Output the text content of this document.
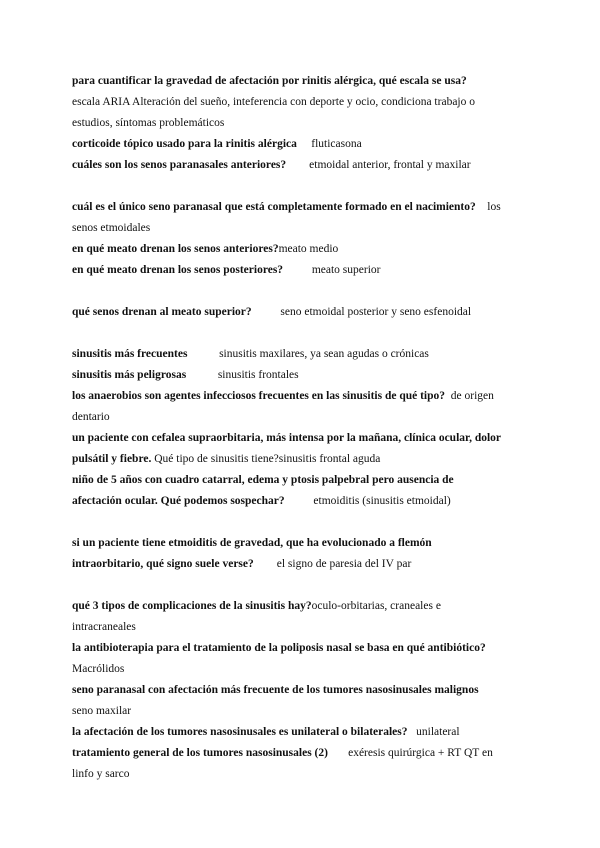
para cuantificar la gravedad de afectación por rinitis alérgica, qué escala se usa?
escala ARIA Alteración del sueño, inteferencia con deporte y ocio, condiciona trabajo o
estudios, síntomas problemáticos
corticoide tópico usado para la rinitis alérgica fluticasona
cuáles son los senos paranasales anteriores? etmoidal anterior, frontal y maxilar
cuál es el único seno paranasal que está completamente formado en el nacimiento? los
senos etmoidales
en qué meato drenan los senos anteriores?meato medio
en qué meato drenan los senos posteriores?	meato superior
qué senos drenan al meato superior?	seno etmoidal posterior y seno esfenoidal
sinusitis más frecuentes	sinusitis maxilares, ya sean agudas o crónicas
sinusitis más peligrosas	sinusitis frontales
los anaerobios son agentes infecciosos frecuentes en las sinusitis de qué tipo? de origen
dentario
un paciente con cefalea supraorbitaria, más intensa por la mañana, clínica ocular, dolor
pulsátil y fiebre. Qué tipo de sinusitis tiene?sinusitis frontal aguda
niño de 5 años con cuadro catarral, edema y ptosis palpebral pero ausencia de
afectación ocular. Qué podemos sospechar?	etmoiditis (sinusitis etmoidal)
si un paciente tiene etmoiditis de gravedad, que ha evolucionado a flemón
intraorbitario, qué signo suele verse? el signo de paresia del IV par
qué 3 tipos de complicaciones de la sinusitis hay?oculo-orbitarias, craneales e
intracraneales
la antibioterapia para el tratamiento de la poliposis nasal se basa en qué antibiótico?
Macrólidos
seno paranasal con afectación más frecuente de los tumores nasosinusales malignos
seno maxilar
la afectación de los tumores nasosinusales es unilateral o bilaterales? unilateral
tratamiento general de los tumores nasosinusales (2) exéresis quirúrgica + RT QT en
linfo y sarco
